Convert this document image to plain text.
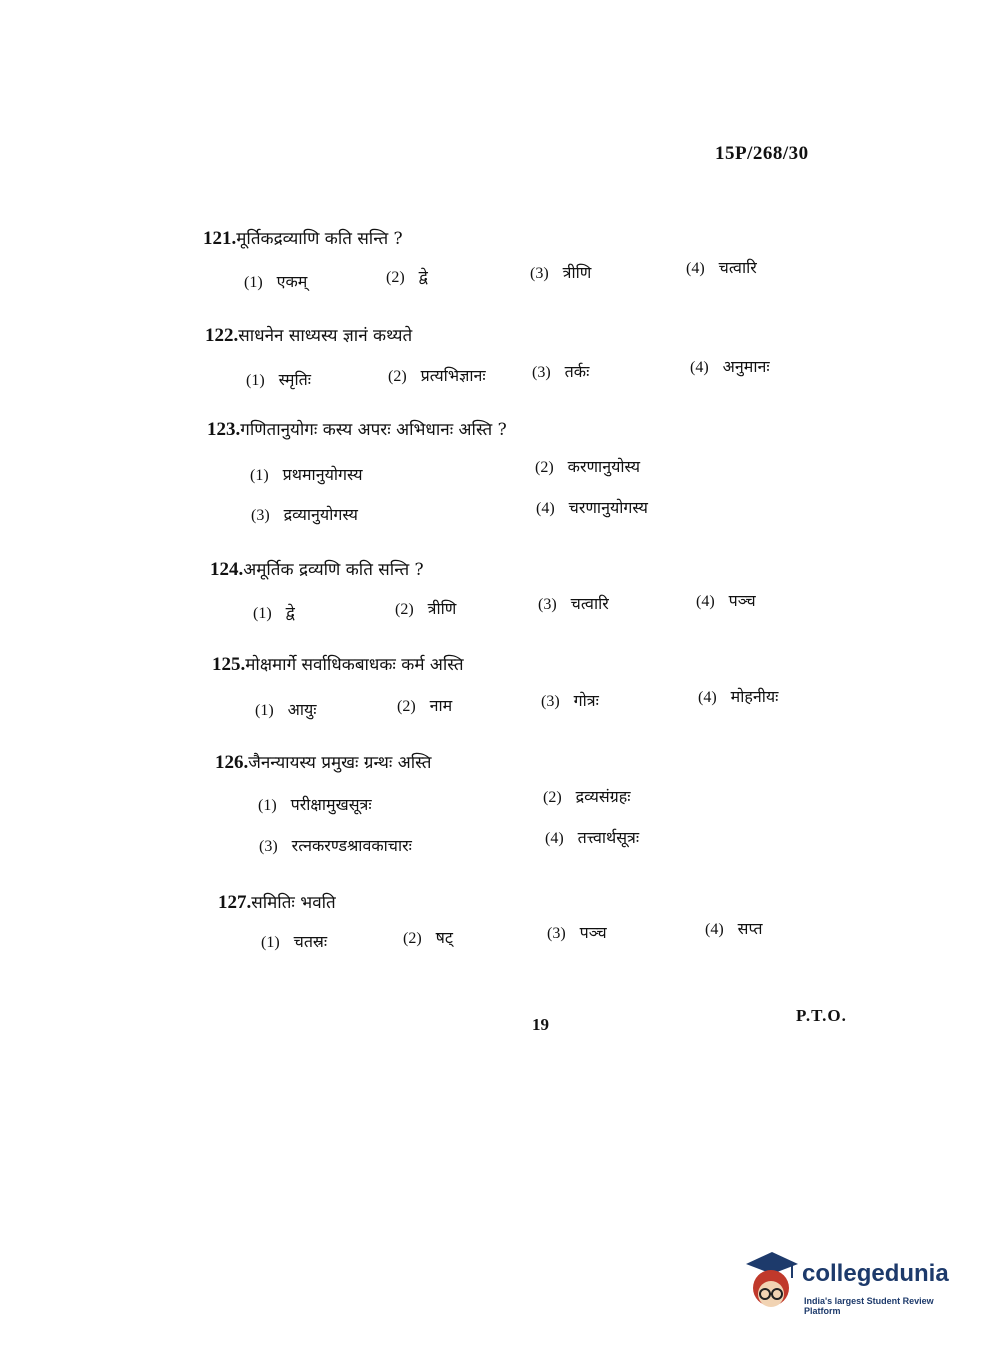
15P/268/30
121. मूर्तिकद्रव्याणि कति सन्ति ?
(1) एकम्	(2) द्वे	(3) त्रीणि	(4) चत्वारि
122. साधनेन साध्यस्य ज्ञानं कथ्यते
(1) स्मृतिः	(2) प्रत्यभिज्ञानः	(3) तर्कः	(4) अनुमानः
123. गणितानुयोगः कस्य अपरः अभिधानः अस्ति ?
(1) प्रथमानुयोगस्य	(2) करणानुयोस्य
(3) द्रव्यानुयोगस्य	(4) चरणानुयोगस्य
124. अमूर्तिक द्रव्यणि कति सन्ति ?
(1) द्वे	(2) त्रीणि	(3) चत्वारि	(4) पञ्च
125. मोक्षमार्गे सर्वाधिकबाधकः कर्म अस्ति
(1) आयुः	(2) नाम	(3) गोत्रः	(4) मोहनीयः
126. जैनन्यायस्य प्रमुखः ग्रन्थः अस्ति
(1) परीक्षामुखसूत्रः	(2) द्रव्यसंग्रहः
(3) रत्नकरण्डश्रावकाचारः	(4) तत्त्वार्थसूत्रः
127. समितिः भवति
(1) चतस्रः	(2) षट्	(3) पञ्च	(4) सप्त
19	P.T.O.
collegedunia
India's largest Student Review Platform
